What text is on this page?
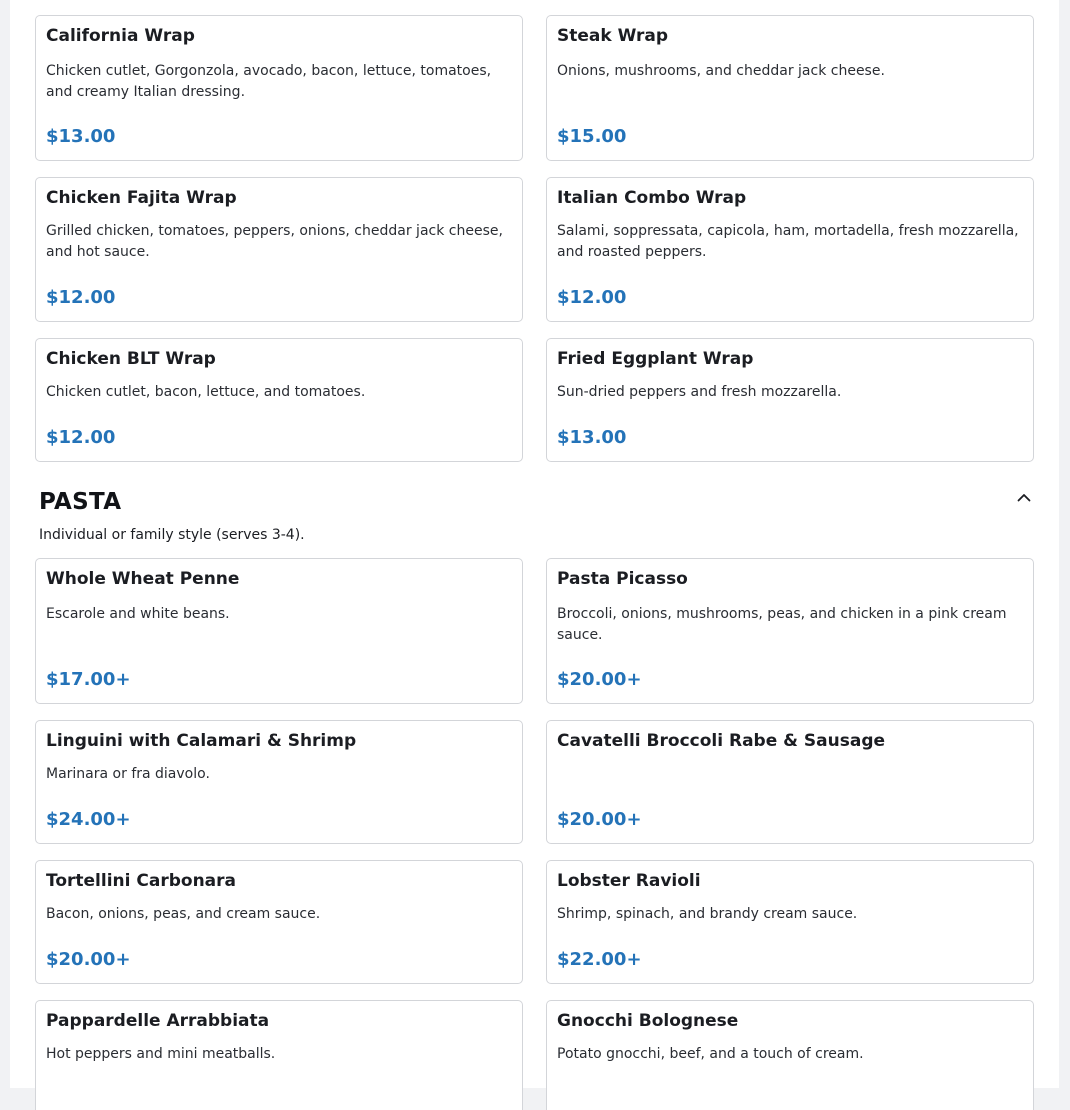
California Wrap
Chicken cutlet, Gorgonzola, avocado, bacon, lettuce, tomatoes, and creamy Italian dressing.
$13.00
Steak Wrap
Onions, mushrooms, and cheddar jack cheese.
$15.00
Chicken Fajita Wrap
Grilled chicken, tomatoes, peppers, onions, cheddar jack cheese, and hot sauce.
$12.00
Italian Combo Wrap
Salami, soppressata, capicola, ham, mortadella, fresh mozzarella, and roasted peppers.
$12.00
Chicken BLT Wrap
Chicken cutlet, bacon, lettuce, and tomatoes.
$12.00
Fried Eggplant Wrap
Sun-dried peppers and fresh mozzarella.
$13.00
PASTA
Individual or family style (serves 3-4).
Whole Wheat Penne
Escarole and white beans.
$17.00+
Pasta Picasso
Broccoli, onions, mushrooms, peas, and chicken in a pink cream sauce.
$20.00+
Linguini with Calamari & Shrimp
Marinara or fra diavolo.
$24.00+
Cavatelli Broccoli Rabe & Sausage
$20.00+
Tortellini Carbonara
Bacon, onions, peas, and cream sauce.
$20.00+
Lobster Ravioli
Shrimp, spinach, and brandy cream sauce.
$22.00+
Pappardelle Arrabbiata
Hot peppers and mini meatballs.
Gnocchi Bolognese
Potato gnocchi, beef, and a touch of cream.
